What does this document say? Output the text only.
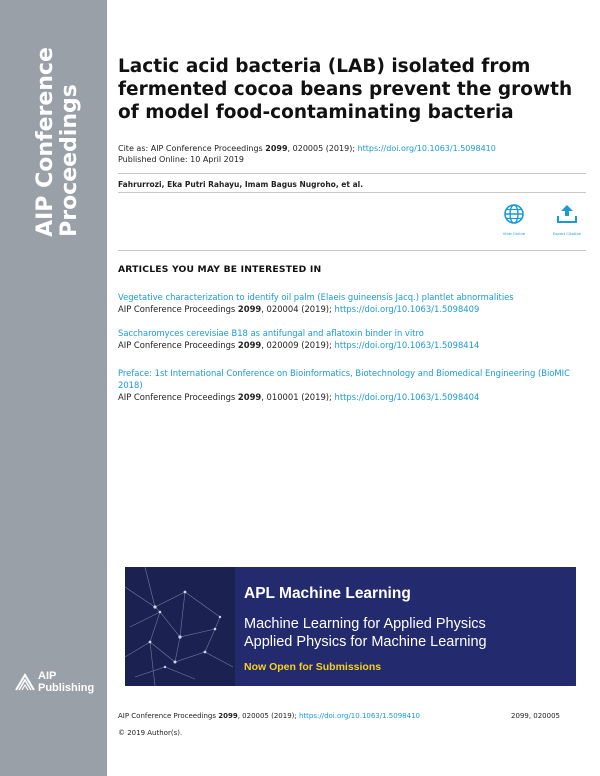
AIP Conference Proceedings
AIP
Publishing
Lactic acid bacteria (LAB) isolated from fermented cocoa beans prevent the growth of model food-contaminating bacteria
Cite as: AIP Conference Proceedings 2099, 020005 (2019); https://doi.org/10.1063/1.5098410
Published Online: 10 April 2019
Fahrurrozi, Eka Putri Rahayu, Imam Bagus Nugroho, et al.
View Online	Export Citation
ARTICLES YOU MAY BE INTERESTED IN
Vegetative characterization to identify oil palm (Elaeis guineensis Jacq.) plantlet abnormalities
AIP Conference Proceedings 2099, 020004 (2019); https://doi.org/10.1063/1.5098409
Saccharomyces cerevisiae B18 as antifungal and aflatoxin binder in vitro
AIP Conference Proceedings 2099, 020009 (2019); https://doi.org/10.1063/1.5098414
Preface: 1st International Conference on Bioinformatics, Biotechnology and Biomedical Engineering (BioMIC 2018)
AIP Conference Proceedings 2099, 010001 (2019); https://doi.org/10.1063/1.5098404
APL Machine Learning
Machine Learning for Applied Physics
Applied Physics for Machine Learning
Now Open for Submissions
AIP Conference Proceedings 2099, 020005 (2019); https://doi.org/10.1063/1.5098410	2099, 020005
© 2019 Author(s).
